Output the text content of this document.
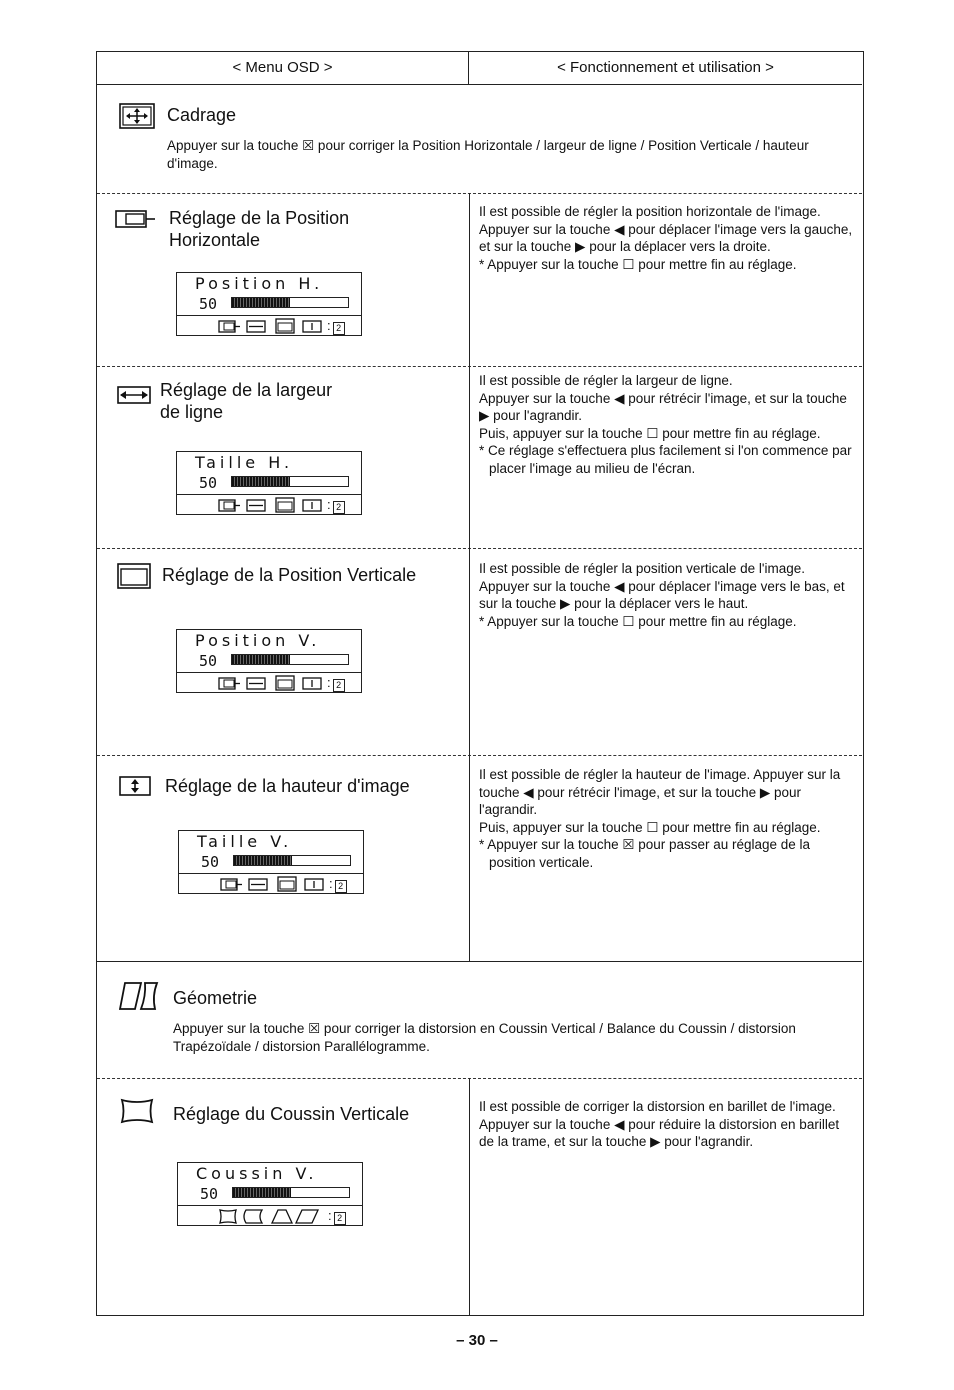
< Menu OSD >	< Fonctionnement et utilisation >
Cadrage
Appuyer sur la touche ☒ pour corriger la Position Horizontale / largeur de ligne / Position Verticale / hauteur d'image.
Réglage de la Position
Horizontale
Position H.
50
: 2

Il est possible de régler la position horizontale de l'image.

Appuyer sur la touche ◀ pour déplacer l'image vers la gauche, et sur la touche ▶ pour la déplacer vers la droite.

* Appuyer sur la touche ☐ pour mettre fin au réglage.

Réglage de la largeur
de ligne
Taille H.
50
: 2

Il est possible de régler la largeur de ligne.

Appuyer sur la touche ◀ pour rétrécir l'image, et sur la touche ▶ pour l'agrandir.

Puis, appuyer sur la touche ☐ pour mettre fin au réglage.

* Ce réglage s'effectuera plus facilement si l'on commence par placer l'image au milieu de l'écran.

Réglage de la Position Verticale
Position V.
50
: 2

Il est possible de régler la position verticale de l'image.

Appuyer sur la touche ◀ pour déplacer l'image vers le bas, et sur la touche ▶ pour la déplacer vers le haut.

* Appuyer sur la touche ☐ pour mettre fin au réglage.

Réglage de la hauteur d'image
Taille V.
50
: 2

Il est possible de régler la hauteur de l'image. Appuyer sur la touche ◀ pour rétrécir l'image, et sur la touche ▶ pour l'agrandir.

Puis, appuyer sur la touche ☐ pour mettre fin au réglage.

* Appuyer sur la touche ☒ pour passer au réglage de la position verticale.

Géometrie
Appuyer sur la touche ☒ pour corriger la distorsion en Coussin Vertical / Balance du Coussin / distorsion Trapézoïdale / distorsion Parallélogramme.
Réglage du Coussin Verticale
Coussin V.
50
: 2

Il est possible de corriger la distorsion en barillet de l'image.

Appuyer sur la touche ◀ pour réduire la distorsion en barillet de la trame, et sur la touche ▶ pour l'agrandir.

– 30 –
